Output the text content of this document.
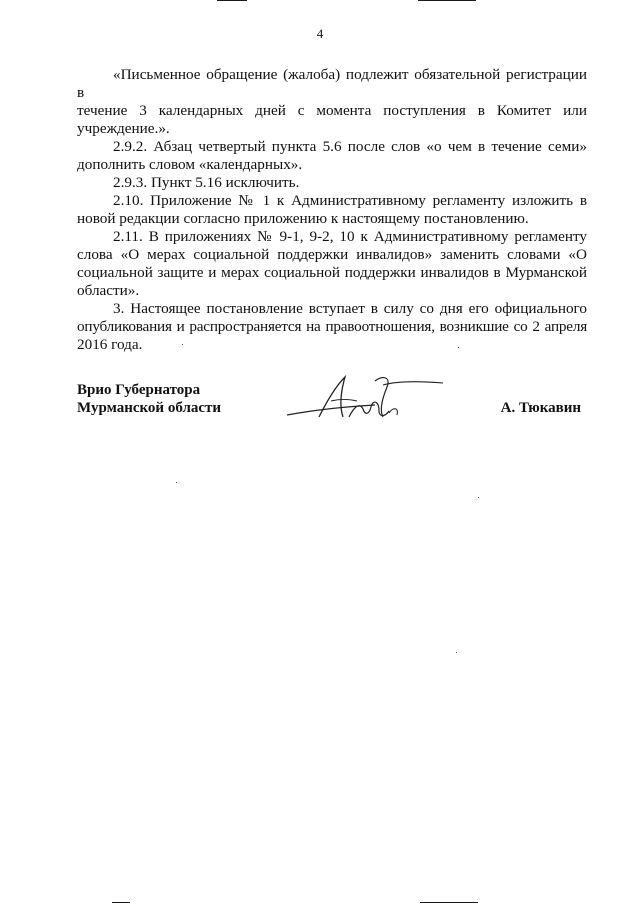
4

«Письменное обращение (жалоба) подлежит обязательной регистрации в
течение 3 календарных дней с момента поступления в Комитет или
учреждение.».

2.9.2. Абзац четвертый пункта 5.6 после слов «о чем в течение семи»
дополнить словом «календарных».

2.9.3. Пункт 5.16 исключить.

2.10. Приложение № 1 к Административному регламенту изложить в
новой редакции согласно приложению к настоящему постановлению.

2.11. В приложениях № 9-1, 9-2, 10 к Административному регламенту
слова «О мерах социальной поддержки инвалидов» заменить словами «О
социальной защите и мерах социальной поддержки инвалидов в Мурманской
области».

3. Настоящее постановление вступает в силу со дня его официального
опубликования и распространяется на правоотношения, возникшие со 2 апреля
2016 года.

Врио Губернатора
Мурманской области	А. Тюкавин
